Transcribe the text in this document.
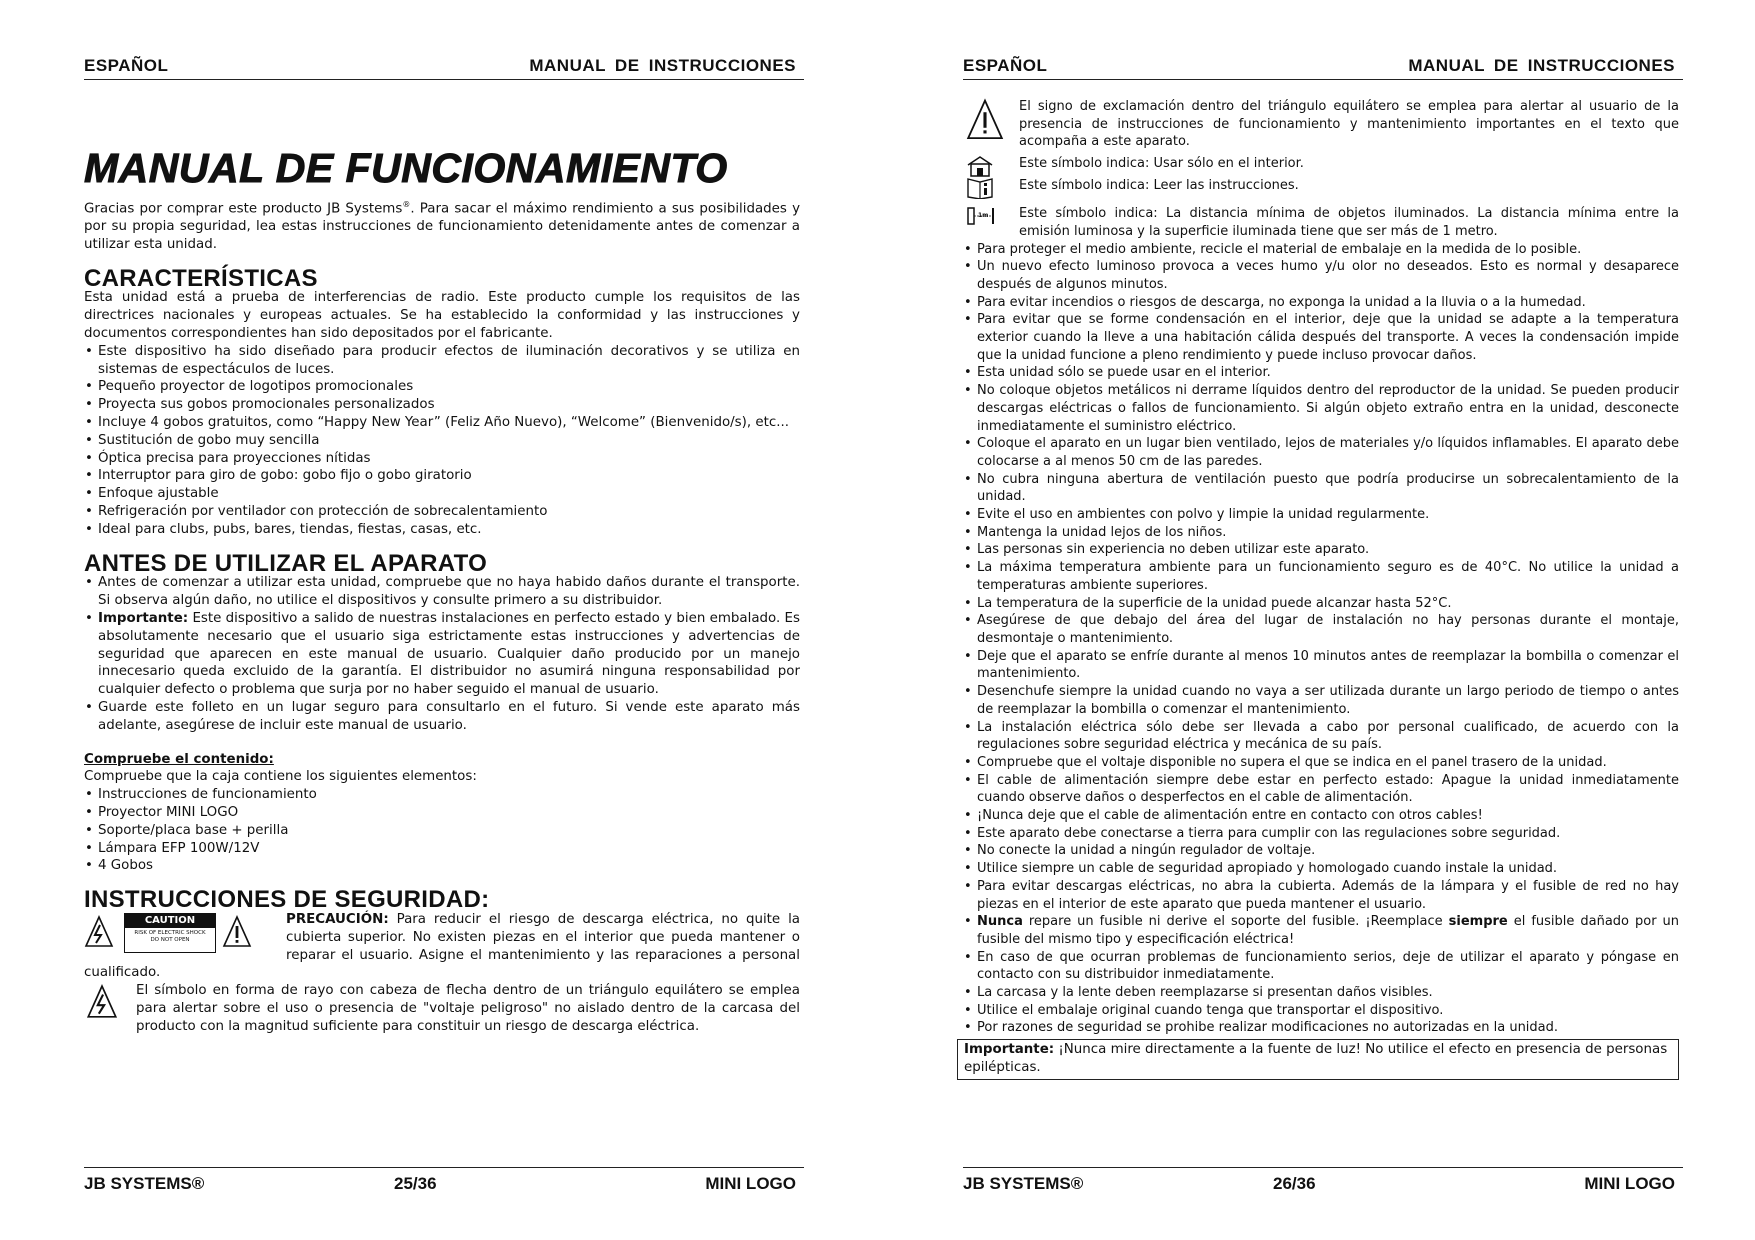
ESPAÑOL	MANUAL DE INSTRUCCIONES
MANUAL DE FUNCIONAMIENTO

Gracias por comprar este producto JB Systems®. Para sacar el máximo rendimiento a sus posibilidades y por su propia seguridad, lea estas instrucciones de funcionamiento detenidamente antes de comenzar a utilizar esta unidad.

CARACTERÍSTICAS

Esta unidad está a prueba de interferencias de radio. Este producto cumple los requisitos de las directrices nacionales y europeas actuales. Se ha establecido la conformidad y las instrucciones y documentos correspondientes han sido depositados por el fabricante.

• Este dispositivo ha sido diseñado para producir efectos de iluminación decorativos y se utiliza en sistemas de espectáculos de luces.
• Pequeño proyector de logotipos promocionales
• Proyecta sus gobos promocionales personalizados
• Incluye 4 gobos gratuitos, como “Happy New Year” (Feliz Año Nuevo), “Welcome” (Bienvenido/s), etc...
• Sustitución de gobo muy sencilla
• Óptica precisa para proyecciones nítidas
• Interruptor para giro de gobo: gobo fijo o gobo giratorio
• Enfoque ajustable
• Refrigeración por ventilador con protección de sobrecalentamiento
• Ideal para clubs, pubs, bares, tiendas, fiestas, casas, etc.
ANTES DE UTILIZAR EL APARATO
• Antes de comenzar a utilizar esta unidad, compruebe que no haya habido daños durante el transporte. Si observa algún daño, no utilice el dispositivos y consulte primero a su distribuidor.
• Importante: Este dispositivo a salido de nuestras instalaciones en perfecto estado y bien embalado. Es absolutamente necesario que el usuario siga estrictamente estas instrucciones y advertencias de seguridad que aparecen en este manual de usuario. Cualquier daño producido por un manejo innecesario queda excluido de la garantía. El distribuidor no asumirá ninguna responsabilidad por cualquier defecto o problema que surja por no haber seguido el manual de usuario.
• Guarde este folleto en un lugar seguro para consultarlo en el futuro. Si vende este aparato más adelante, asegúrese de incluir este manual de usuario.

Compruebe el contenido:

Compruebe que la caja contiene los siguientes elementos:

• Instrucciones de funcionamiento
• Proyector MINI LOGO
• Soporte/placa base + perilla
• Lámpara EFP 100W/12V
• 4 Gobos
INSTRUCCIONES DE SEGURIDAD:
CAUTION
RISK OF ELECTRIC SHOCK
DO NOT OPEN
PRECAUCIÓN: Para reducir el riesgo de descarga eléctrica, no quite la cubierta superior. No existen piezas en el interior que pueda mantener o reparar el usuario. Asigne el mantenimiento y las reparaciones a personal cualificado.
El símbolo en forma de rayo con cabeza de flecha dentro de un triángulo equilátero se emplea para alertar sobre el uso o presencia de "voltaje peligroso" no aislado dentro de la carcasa del producto con la magnitud suficiente para constituir un riesgo de descarga eléctrica.
JB SYSTEMS®	25/36	MINI LOGO
ESPAÑOL	MANUAL DE INSTRUCCIONES
El signo de exclamación dentro del triángulo equilátero se emplea para alertar al usuario de la presencia de instrucciones de funcionamiento y mantenimiento importantes en el texto que acompaña a este aparato.
Este símbolo indica: Usar sólo en el interior.
Este símbolo indica: Leer las instrucciones.
1m Este símbolo indica: La distancia mínima de objetos iluminados. La distancia mínima entre la emisión luminosa y la superficie iluminada tiene que ser más de 1 metro.
• Para proteger el medio ambiente, recicle el material de embalaje en la medida de lo posible.
• Un nuevo efecto luminoso provoca a veces humo y/u olor no deseados. Esto es normal y desaparece después de algunos minutos.
• Para evitar incendios o riesgos de descarga, no exponga la unidad a la lluvia o a la humedad.
• Para evitar que se forme condensación en el interior, deje que la unidad se adapte a la temperatura exterior cuando la lleve a una habitación cálida después del transporte. A veces la condensación impide que la unidad funcione a pleno rendimiento y puede incluso provocar daños.
• Esta unidad sólo se puede usar en el interior.
• No coloque objetos metálicos ni derrame líquidos dentro del reproductor de la unidad. Se pueden producir descargas eléctricas o fallos de funcionamiento. Si algún objeto extraño entra en la unidad, desconecte inmediatamente el suministro eléctrico.
• Coloque el aparato en un lugar bien ventilado, lejos de materiales y/o líquidos inflamables. El aparato debe colocarse a al menos 50 cm de las paredes.
• No cubra ninguna abertura de ventilación puesto que podría producirse un sobrecalentamiento de la unidad.
• Evite el uso en ambientes con polvo y limpie la unidad regularmente.
• Mantenga la unidad lejos de los niños.
• Las personas sin experiencia no deben utilizar este aparato.
• La máxima temperatura ambiente para un funcionamiento seguro es de 40°C. No utilice la unidad a temperaturas ambiente superiores.
• La temperatura de la superficie de la unidad puede alcanzar hasta 52°C.
• Asegúrese de que debajo del área del lugar de instalación no hay personas durante el montaje, desmontaje o mantenimiento.
• Deje que el aparato se enfríe durante al menos 10 minutos antes de reemplazar la bombilla o comenzar el mantenimiento.
• Desenchufe siempre la unidad cuando no vaya a ser utilizada durante un largo periodo de tiempo o antes de reemplazar la bombilla o comenzar el mantenimiento.
• La instalación eléctrica sólo debe ser llevada a cabo por personal cualificado, de acuerdo con la regulaciones sobre seguridad eléctrica y mecánica de su país.
• Compruebe que el voltaje disponible no supera el que se indica en el panel trasero de la unidad.
• El cable de alimentación siempre debe estar en perfecto estado: Apague la unidad inmediatamente cuando observe daños o desperfectos en el cable de alimentación.
• ¡Nunca deje que el cable de alimentación entre en contacto con otros cables!
• Este aparato debe conectarse a tierra para cumplir con las regulaciones sobre seguridad.
• No conecte la unidad a ningún regulador de voltaje.
• Utilice siempre un cable de seguridad apropiado y homologado cuando instale la unidad.
• Para evitar descargas eléctricas, no abra la cubierta. Además de la lámpara y el fusible de red no hay piezas en el interior de este aparato que pueda mantener el usuario.
• Nunca repare un fusible ni derive el soporte del fusible. ¡Reemplace siempre el fusible dañado por un fusible del mismo tipo y especificación eléctrica!
• En caso de que ocurran problemas de funcionamiento serios, deje de utilizar el aparato y póngase en contacto con su distribuidor inmediatamente.
• La carcasa y la lente deben reemplazarse si presentan daños visibles.
• Utilice el embalaje original cuando tenga que transportar el dispositivo.
• Por razones de seguridad se prohibe realizar modificaciones no autorizadas en la unidad.
Importante: ¡Nunca mire directamente a la fuente de luz! No utilice el efecto en presencia de personas epilépticas.
JB SYSTEMS®	26/36	MINI LOGO
